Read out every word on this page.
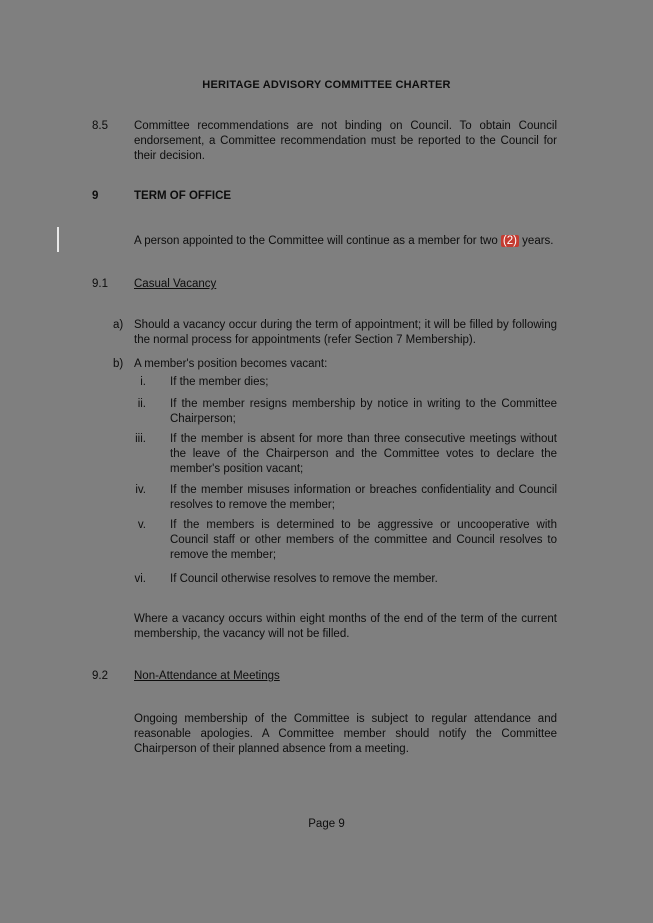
HERITAGE ADVISORY COMMITTEE CHARTER
8.5	Committee recommendations are not binding on Council. To obtain Council endorsement, a Committee recommendation must be reported to the Council for their decision.
9	TERM OF OFFICE
A person appointed to the Committee will continue as a member for two (2) years.
9.1	Casual Vacancy
a) Should a vacancy occur during the term of appointment; it will be filled by following the normal process for appointments (refer Section 7 Membership).
b) A member's position becomes vacant:
i. If the member dies;
ii. If the member resigns membership by notice in writing to the Committee Chairperson;
iii. If the member is absent for more than three consecutive meetings without the leave of the Chairperson and the Committee votes to declare the member's position vacant;
iv. If the member misuses information or breaches confidentiality and Council resolves to remove the member;
v. If the members is determined to be aggressive or uncooperative with Council staff or other members of the committee and Council resolves to remove the member;
vi. If Council otherwise resolves to remove the member.
Where a vacancy occurs within eight months of the end of the term of the current membership, the vacancy will not be filled.
9.2	Non-Attendance at Meetings
Ongoing membership of the Committee is subject to regular attendance and reasonable apologies. A Committee member should notify the Committee Chairperson of their planned absence from a meeting.
Page 9
